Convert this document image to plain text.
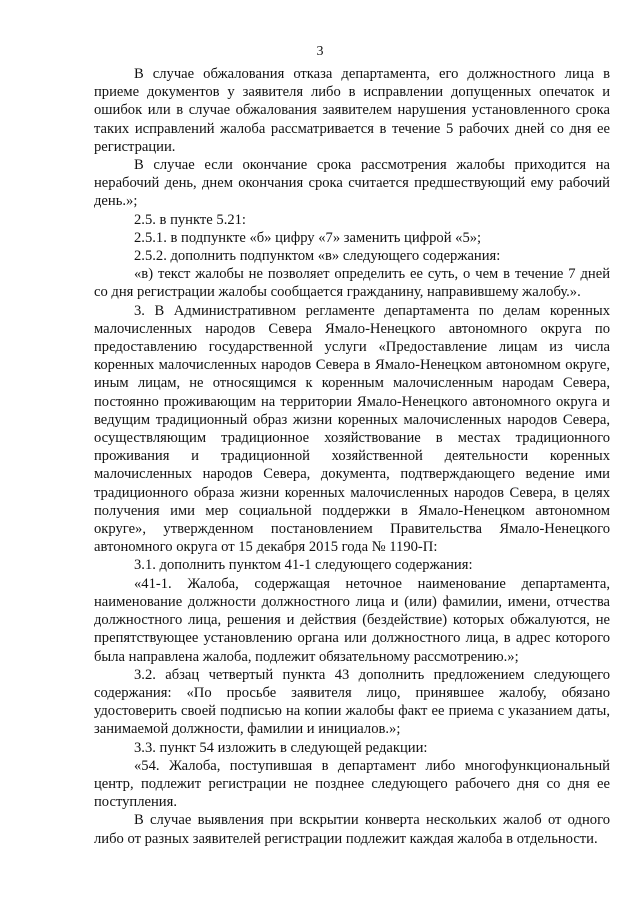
3

В случае обжалования отказа департамента, его должностного лица в приеме документов у заявителя либо в исправлении допущенных опечаток и ошибок или в случае обжалования заявителем нарушения установленного срока таких исправлений жалоба рассматривается в течение 5 рабочих дней со дня ее регистрации.

В случае если окончание срока рассмотрения жалобы приходится на нерабочий день, днем окончания срока считается предшествующий ему рабочий день.»;

2.5. в пункте 5.21:

2.5.1. в подпункте «б» цифру «7» заменить цифрой «5»;

2.5.2. дополнить подпунктом «в» следующего содержания:

«в) текст жалобы не позволяет определить ее суть, о чем в течение 7 дней со дня регистрации жалобы сообщается гражданину, направившему жалобу.».

3. В Административном регламенте департамента по делам коренных малочисленных народов Севера Ямало-Ненецкого автономного округа по предоставлению государственной услуги «Предоставление лицам из числа коренных малочисленных народов Севера в Ямало-Ненецком автономном округе, иным лицам, не относящимся к коренным малочисленным народам Севера, постоянно проживающим на территории Ямало-Ненецкого автономного округа и ведущим традиционный образ жизни коренных малочисленных народов Севера, осуществляющим традиционное хозяйствование в местах традиционного проживания и традиционной хозяйственной деятельности коренных малочисленных народов Севера, документа, подтверждающего ведение ими традиционного образа жизни коренных малочисленных народов Севера, в целях получения ими мер социальной поддержки в Ямало-Ненецком автономном округе», утвержденном постановлением Правительства Ямало-Ненецкого автономного округа от 15 декабря 2015 года № 1190-П:

3.1. дополнить пунктом 41-1 следующего содержания:

«41-1. Жалоба, содержащая неточное наименование департамента, наименование должности должностного лица и (или) фамилии, имени, отчества должностного лица, решения и действия (бездействие) которых обжалуются, не препятствующее установлению органа или должностного лица, в адрес которого была направлена жалоба, подлежит обязательному рассмотрению.»;

3.2. абзац четвертый пункта 43 дополнить предложением следующего содержания: «По просьбе заявителя лицо, принявшее жалобу, обязано удостоверить своей подписью на копии жалобы факт ее приема с указанием даты, занимаемой должности, фамилии и инициалов.»;

3.3. пункт 54 изложить в следующей редакции:

«54. Жалоба, поступившая в департамент либо многофункциональный центр, подлежит регистрации не позднее следующего рабочего дня со дня ее поступления.

В случае выявления при вскрытии конверта нескольких жалоб от одного либо от разных заявителей регистрации подлежит каждая жалоба в отдельности.
